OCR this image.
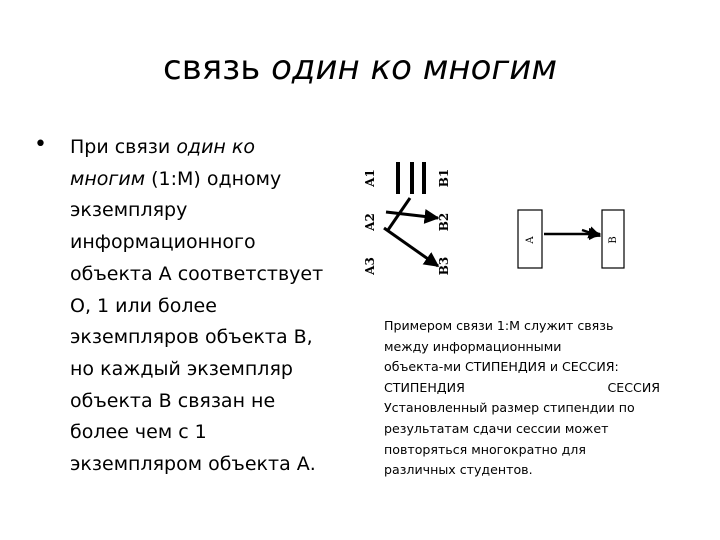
связь один ко многим
• При связи один ко
многим (1:М) одному
экземпляру
информационного
объекта А соответствует
О, 1 или более
экземпляров объекта В,
но каждый экземпляр
объекта В связан не
более чем с 1
экземпляром объекта А.
A1
A2
A3
B1
B2
B3
A	B
Примером связи 1:М служит связь
между информационными
объекта-ми СТИПЕНДИЯ и СЕССИЯ:
СТИПЕНДИЯ	СЕССИЯ
Установленный размер стипендии по
результатам сдачи сессии может
повторяться многократно для
различных студентов.
